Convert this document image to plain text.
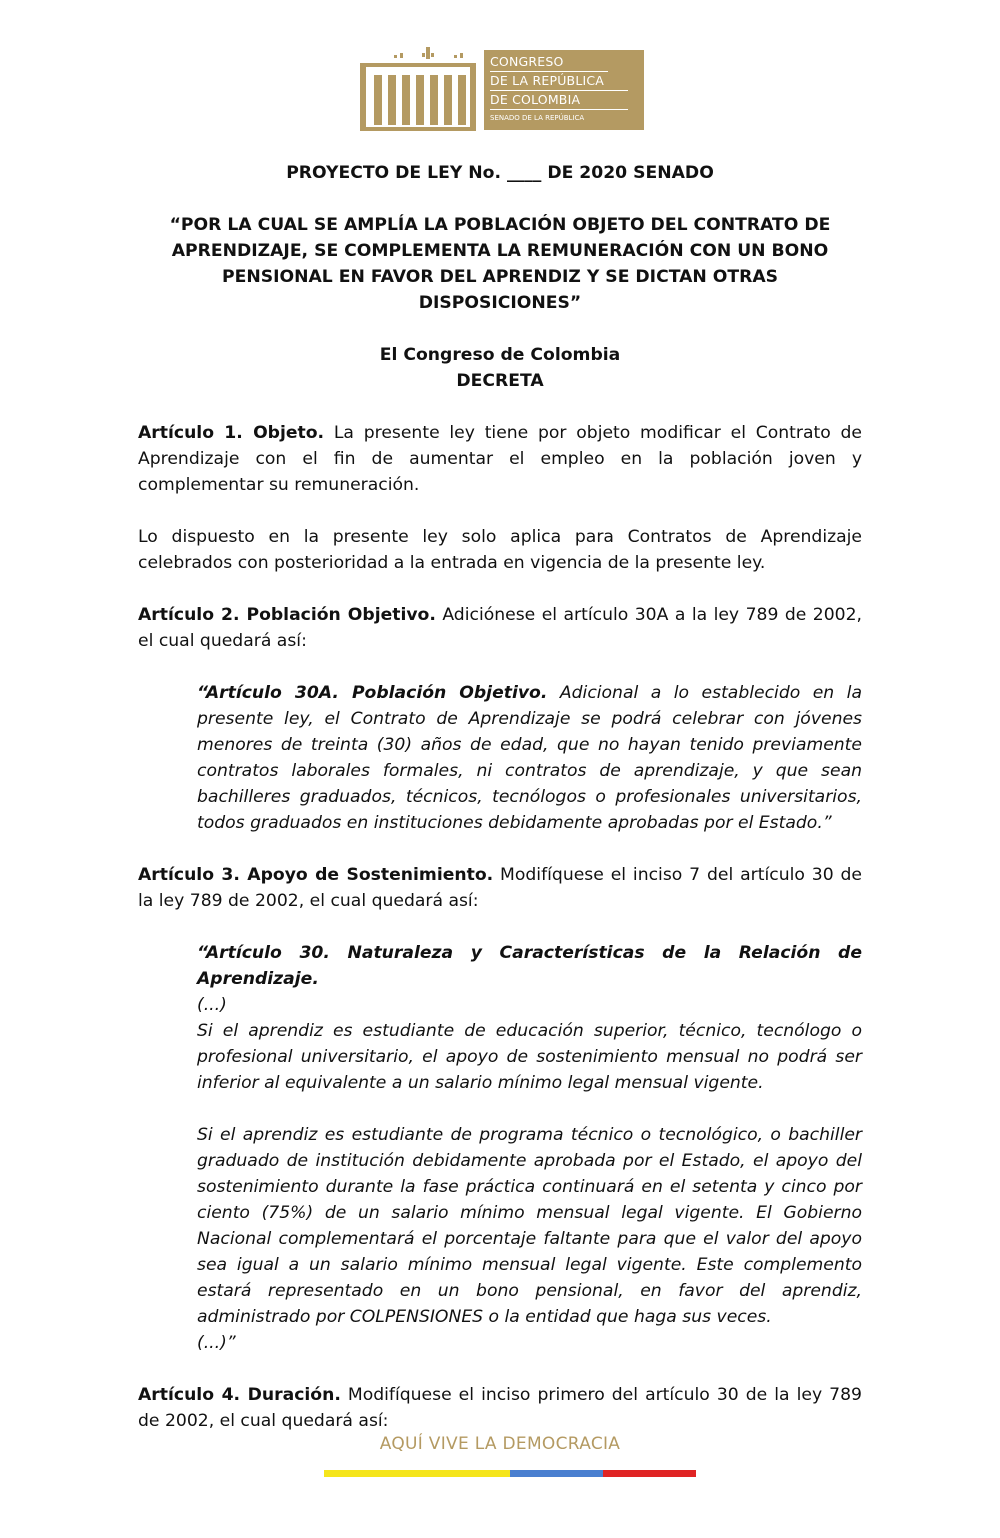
CONGRESO
DE LA REPÚBLICA
DE COLOMBIA
SENADO DE LA REPÚBLICA

PROYECTO DE LEY No. ____ DE 2020 SENADO

“POR LA CUAL SE AMPLÍA LA POBLACIÓN OBJETO DEL CONTRATO DE APRENDIZAJE, SE COMPLEMENTA LA REMUNERACIÓN CON UN BONO PENSIONAL EN FAVOR DEL APRENDIZ Y SE DICTAN OTRAS DISPOSICIONES”

El Congreso de Colombia

DECRETA

Artículo 1. Objeto. La presente ley tiene por objeto modificar el Contrato de Aprendizaje con el fin de aumentar el empleo en la población joven y complementar su remuneración.

Lo dispuesto en la presente ley solo aplica para Contratos de Aprendizaje celebrados con posterioridad a la entrada en vigencia de la presente ley.

Artículo 2. Población Objetivo. Adiciónese el artículo 30A a la ley 789 de 2002, el cual quedará así:

“Artículo 30A. Población Objetivo. Adicional a lo establecido en la presente ley, el Contrato de Aprendizaje se podrá celebrar con jóvenes menores de treinta (30) años de edad, que no hayan tenido previamente contratos laborales formales, ni contratos de aprendizaje, y que sean bachilleres graduados, técnicos, tecnólogos o profesionales universitarios, todos graduados en instituciones debidamente aprobadas por el Estado.”

Artículo 3. Apoyo de Sostenimiento. Modifíquese el inciso 7 del artículo 30 de la ley 789 de 2002, el cual quedará así:

“Artículo 30. Naturaleza y Características de la Relación de Aprendizaje.

(...)

Si el aprendiz es estudiante de educación superior, técnico, tecnólogo o profesional universitario, el apoyo de sostenimiento mensual no podrá ser inferior al equivalente a un salario mínimo legal mensual vigente.

Si el aprendiz es estudiante de programa técnico o tecnológico, o bachiller graduado de institución debidamente aprobada por el Estado, el apoyo del sostenimiento durante la fase práctica continuará en el setenta y cinco por ciento (75%) de un salario mínimo mensual legal vigente. El Gobierno Nacional complementará el porcentaje faltante para que el valor del apoyo sea igual a un salario mínimo mensual legal vigente. Este complemento estará representado en un bono pensional, en favor del aprendiz, administrado por COLPENSIONES o la entidad que haga sus veces.

(...)”

Artículo 4. Duración. Modifíquese el inciso primero del artículo 30 de la ley 789 de 2002, el cual quedará así:

AQUÍ VIVE LA DEMOCRACIA
